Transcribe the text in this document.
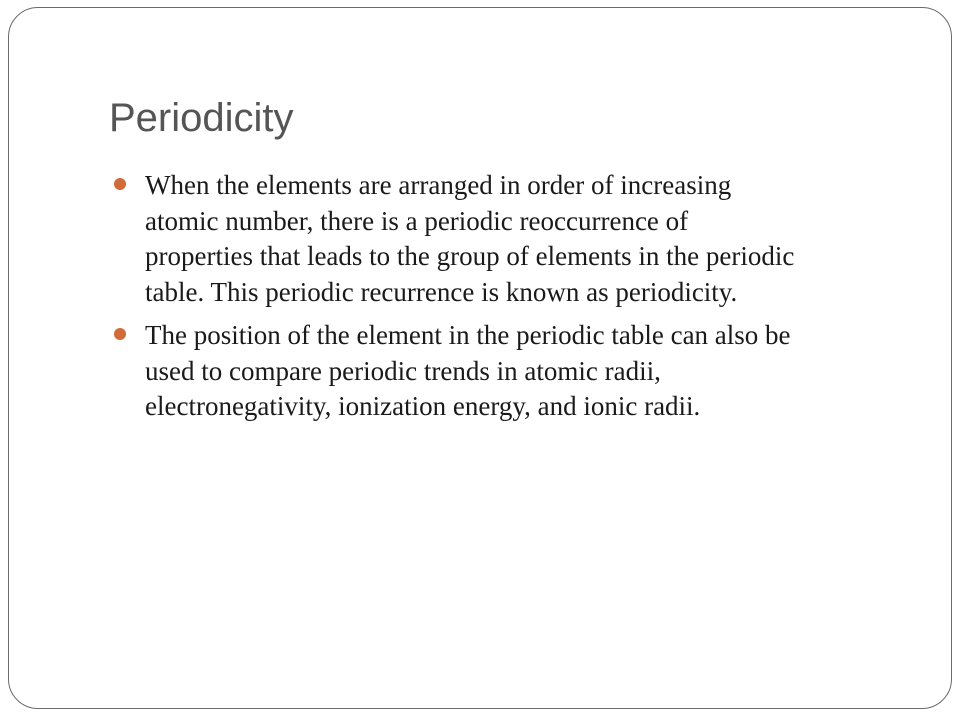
Periodicity
When the elements are arranged in order of increasing
atomic number, there is a periodic reoccurrence of
properties that leads to the group of elements in the periodic
table. This periodic recurrence is known as periodicity.
The position of the element in the periodic table can also be
used to compare periodic trends in atomic radii,
electronegativity, ionization energy, and ionic radii.
